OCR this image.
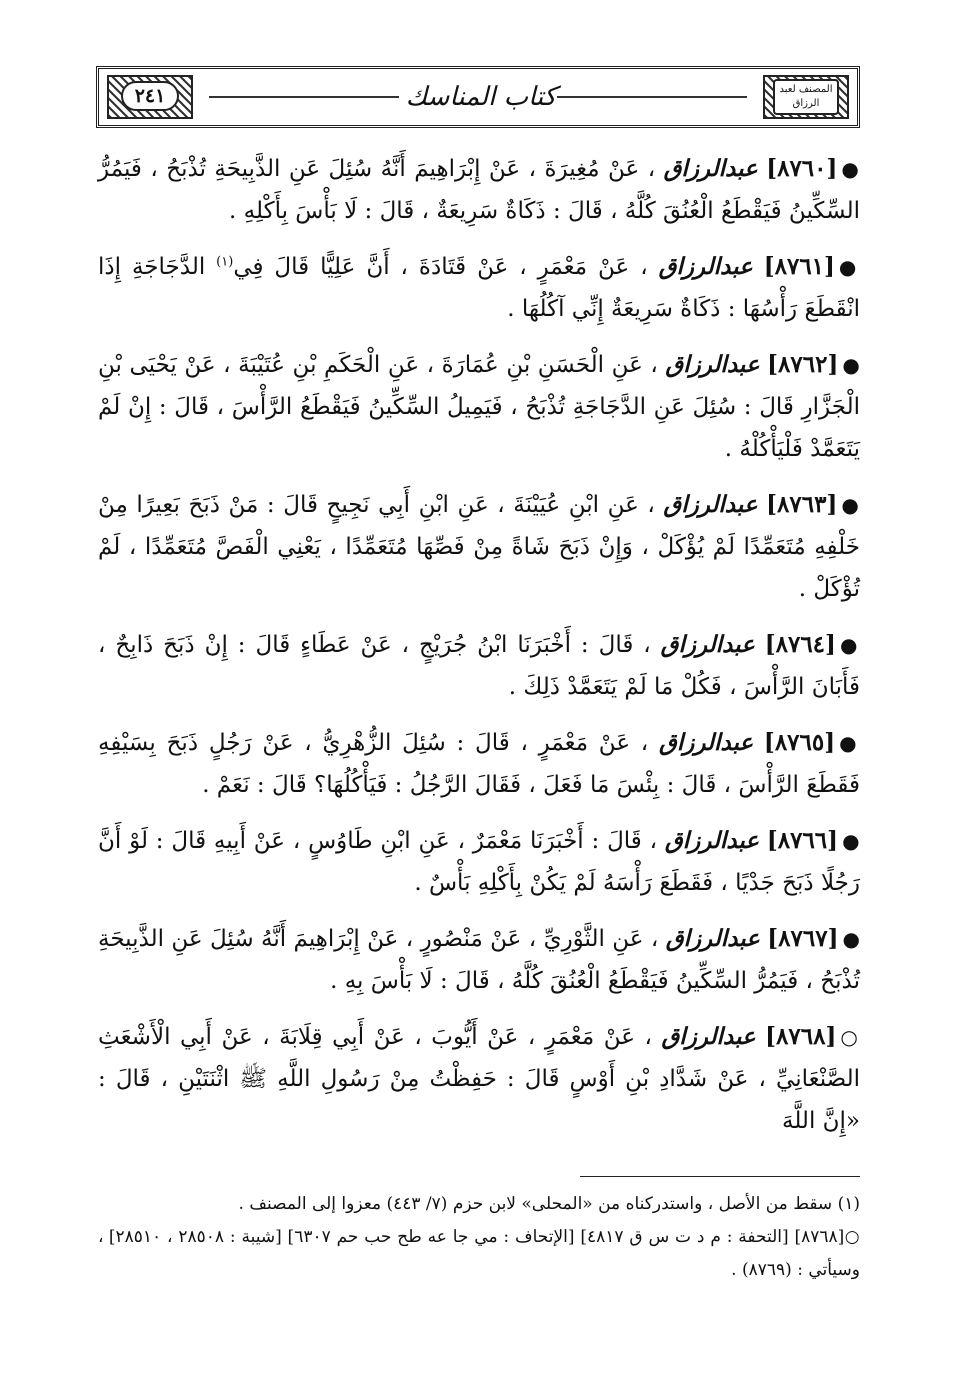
٢٤١	كتاب المناسك	المصنف لعبد الرزاق

●[٨٧٦٠] عبدالرزاق ، عَنْ مُغِيرَةَ ، عَنْ إِبْرَاهِيمَ أَنَّهُ سُئِلَ عَنِ الذَّبِيحَةِ تُذْبَحُ ، فَيَمُرُّ السِّكِّينُ فَيَقْطَعُ الْعُنُقَ كُلَّهُ ، قَالَ : ذَكَاةٌ سَرِيعَةٌ ، قَالَ : لَا بَأْسَ بِأَكْلِهِ .

●[٨٧٦١] عبدالرزاق ، عَنْ مَعْمَرٍ ، عَنْ قَتَادَةَ ، أَنَّ عَلِيًّا قَالَ فِي$^{(١)}$ الدَّجَاجَةِ إِذَا انْقَطَعَ رَأْسُهَا : ذَكَاةٌ سَرِيعَةٌ إِنِّي آكُلُهَا .

●[٨٧٦٢] عبدالرزاق ، عَنِ الْحَسَنِ بْنِ عُمَارَةَ ، عَنِ الْحَكَمِ بْنِ عُتَيْبَةَ ، عَنْ يَحْيَى بْنِ الْجَزَّارِ قَالَ : سُئِلَ عَنِ الدَّجَاجَةِ تُذْبَحُ ، فَيَمِيلُ السِّكِّينُ فَيَقْطَعُ الرَّأْسَ ، قَالَ : إِنْ لَمْ يَتَعَمَّدْ فَلْيَأْكُلْهُ .

●[٨٧٦٣] عبدالرزاق ، عَنِ ابْنِ عُيَيْنَةَ ، عَنِ ابْنِ أَبِي نَجِيحٍ قَالَ : مَنْ ذَبَحَ بَعِيرًا مِنْ خَلْفِهِ مُتَعَمِّدًا لَمْ يُؤْكَلْ ، وَإِنْ ذَبَحَ شَاةً مِنْ فَصِّهَا مُتَعَمِّدًا ، يَعْنِي الْفَصَّ مُتَعَمِّدًا ، لَمْ تُؤْكَلْ .

●[٨٧٦٤] عبدالرزاق ، قَالَ : أَخْبَرَنَا ابْنُ جُرَيْجٍ ، عَنْ عَطَاءٍ قَالَ : إِنْ ذَبَحَ ذَابِحٌ ، فَأَبَانَ الرَّأْسَ ، فَكُلْ مَا لَمْ يَتَعَمَّدْ ذَلِكَ .

●[٨٧٦٥] عبدالرزاق ، عَنْ مَعْمَرٍ ، قَالَ : سُئِلَ الزُّهْرِيُّ ، عَنْ رَجُلٍ ذَبَحَ بِسَيْفِهِ فَقَطَعَ الرَّأْسَ ، قَالَ : بِئْسَ مَا فَعَلَ ، فَقَالَ الرَّجُلُ : فَيَأْكُلُهَا؟ قَالَ : نَعَمْ .

●[٨٧٦٦] عبدالرزاق ، قَالَ : أَخْبَرَنَا مَعْمَرٌ ، عَنِ ابْنِ طَاوُسٍ ، عَنْ أَبِيهِ قَالَ : لَوْ أَنَّ رَجُلًا ذَبَحَ جَدْيًا ، فَقَطَعَ رَأْسَهُ لَمْ يَكُنْ بِأَكْلِهِ بَأْسٌ .

●[٨٧٦٧] عبدالرزاق ، عَنِ الثَّوْرِيِّ ، عَنْ مَنْصُورٍ ، عَنْ إِبْرَاهِيمَ أَنَّهُ سُئِلَ عَنِ الذَّبِيحَةِ تُذْبَحُ ، فَيَمُرُّ السِّكِّينُ فَيَقْطَعُ الْعُنُقَ كُلَّهُ ، قَالَ : لَا بَأْسَ بِهِ .

○[٨٧٦٨] عبدالرزاق ، عَنْ مَعْمَرٍ ، عَنْ أَيُّوبَ ، عَنْ أَبِي قِلَابَةَ ، عَنْ أَبِي الْأَشْعَثِ الصَّنْعَانِيِّ ، عَنْ شَدَّادِ بْنِ أَوْسٍ قَالَ : حَفِظْتُ مِنْ رَسُولِ اللَّهِ ﷺ اثْنَتَيْنِ ، قَالَ : «إِنَّ اللَّهَ

(١) سقط من الأصل ، واستدركناه من «المحلى» لابن حزم (٧/ ٤٤٣) معزوا إلى المصنف .

○[٨٧٦٨] [التحفة : م د ت س ق ٤٨١٧] [الإتحاف : مي جا عه طح حب حم ٦٣٠٧] [شيبة : ٢٨٥٠٨ ، ٢٨٥١٠] ، وسيأتي : (٨٧٦٩) .
